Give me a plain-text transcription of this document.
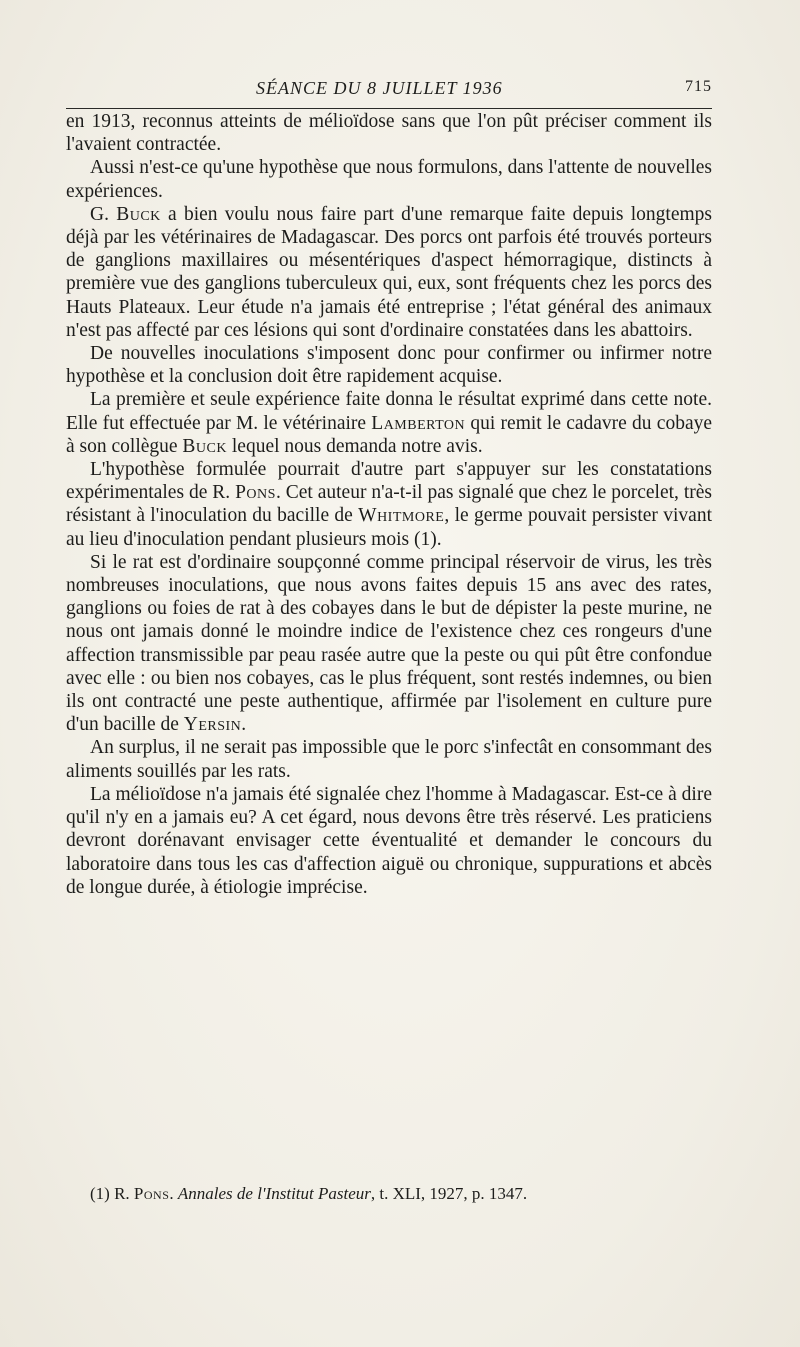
SÉANCE DU 8 JUILLET 1936	715

en 1913, reconnus atteints de mélioïdose sans que l'on pût préciser comment ils l'avaient contractée.

Aussi n'est-ce qu'une hypothèse que nous formulons, dans l'attente de nouvelles expériences.

G. Buck a bien voulu nous faire part d'une remarque faite depuis longtemps déjà par les vétérinaires de Madagascar. Des porcs ont parfois été trouvés porteurs de ganglions maxillaires ou mésentériques d'aspect hémorragique, distincts à première vue des ganglions tuberculeux qui, eux, sont fréquents chez les porcs des Hauts Plateaux. Leur étude n'a jamais été entreprise ; l'état général des animaux n'est pas affecté par ces lésions qui sont d'ordinaire constatées dans les abattoirs.

De nouvelles inoculations s'imposent donc pour confirmer ou infirmer notre hypothèse et la conclusion doit être rapidement acquise.

La première et seule expérience faite donna le résultat exprimé dans cette note. Elle fut effectuée par M. le vétérinaire Lamberton qui remit le cadavre du cobaye à son collègue Buck lequel nous demanda notre avis.

L'hypothèse formulée pourrait d'autre part s'appuyer sur les constatations expérimentales de R. Pons. Cet auteur n'a-t-il pas signalé que chez le porcelet, très résistant à l'inoculation du bacille de Whitmore, le germe pouvait persister vivant au lieu d'inoculation pendant plusieurs mois (1).

Si le rat est d'ordinaire soupçonné comme principal réservoir de virus, les très nombreuses inoculations, que nous avons faites depuis 15 ans avec des rates, ganglions ou foies de rat à des cobayes dans le but de dépister la peste murine, ne nous ont jamais donné le moindre indice de l'existence chez ces rongeurs d'une affection transmissible par peau rasée autre que la peste ou qui pût être confondue avec elle : ou bien nos cobayes, cas le plus fréquent, sont restés indemnes, ou bien ils ont contracté une peste authentique, affirmée par l'isolement en culture pure d'un bacille de Yersin.

An surplus, il ne serait pas impossible que le porc s'infectât en consommant des aliments souillés par les rats.

La mélioïdose n'a jamais été signalée chez l'homme à Madagascar. Est-ce à dire qu'il n'y en a jamais eu? A cet égard, nous devons être très réservé. Les praticiens devront dorénavant envisager cette éventualité et demander le concours du laboratoire dans tous les cas d'affection aiguë ou chronique, suppurations et abcès de longue durée, à étiologie imprécise.

(1) R. Pons. Annales de l'Institut Pasteur, t. XLI, 1927, p. 1347.
